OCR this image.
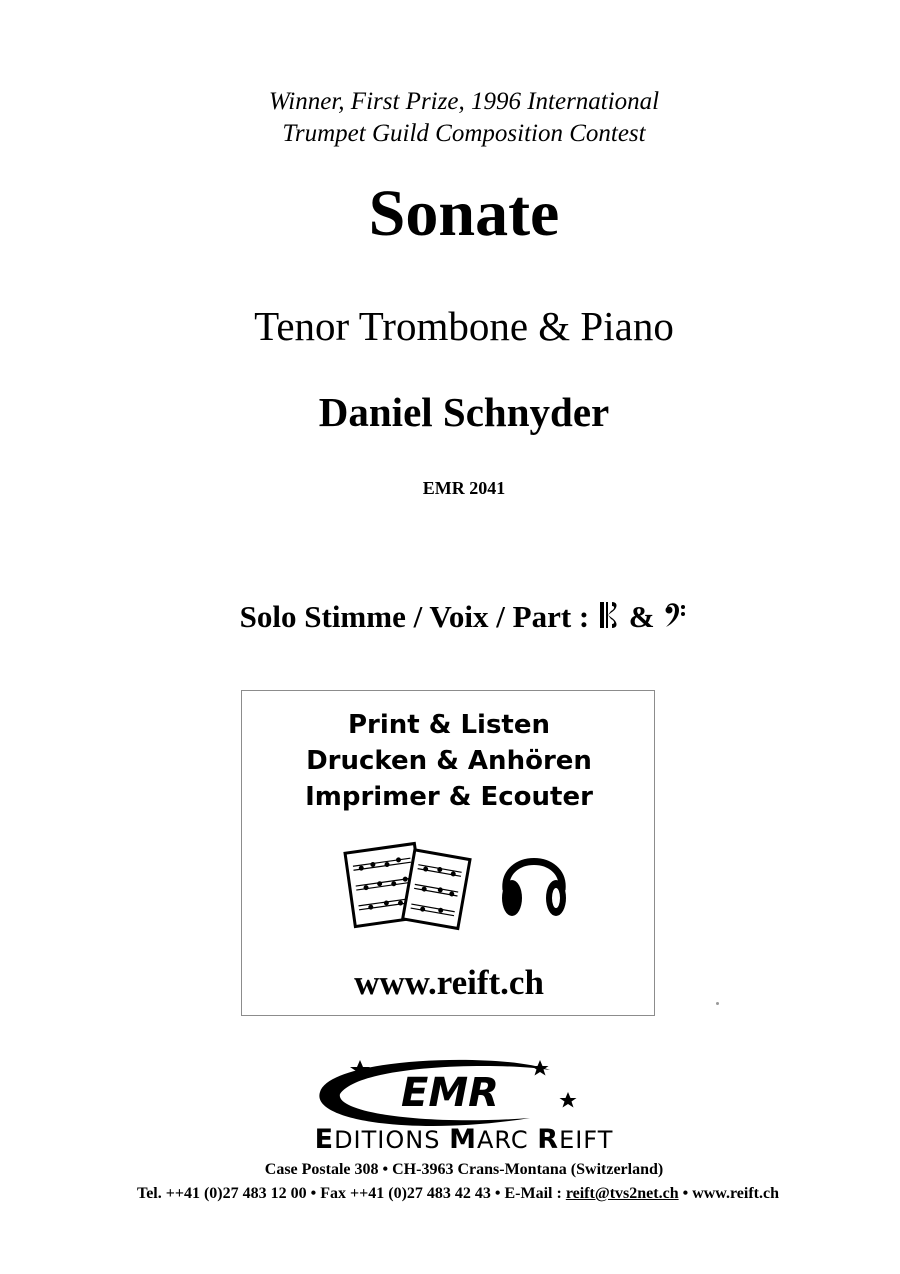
Winner, First Prize, 1996 International
Trumpet Guild Composition Contest
Sonate
Tenor Trombone & Piano
Daniel Schnyder
EMR 2041
Solo Stimme / Voix / Part : &
Print & Listen
Drucken & Anhören
Imprimer & Ecouter
www.reift.ch
EMR
EDITIONS MARC REIFT
Case Postale 308 • CH-3963 Crans-Montana (Switzerland)
Tel. ++41 (0)27 483 12 00 • Fax ++41 (0)27 483 42 43 • E-Mail : reift@tvs2net.ch • www.reift.ch
